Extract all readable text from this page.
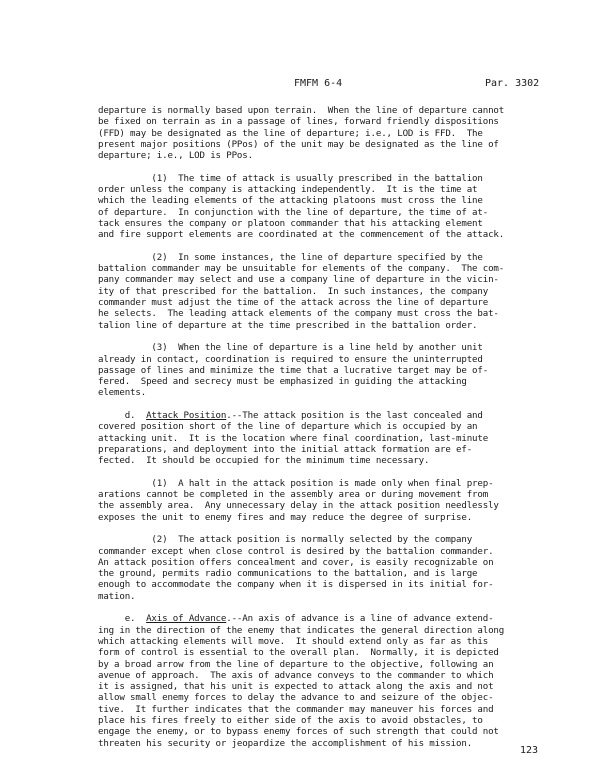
FMFM 6-4	Par. 3302
departure is normally based upon terrain.  When the line of departure cannot
be fixed on terrain as in a passage of lines, forward friendly dispositions
(FFD) may be designated as the line of departure; i.e., LOD is FFD.  The
present major positions (PPos) of the unit may be designated as the line of
departure; i.e., LOD is PPos.
(1)  The time of attack is usually prescribed in the battalion
order unless the company is attacking independently.  It is the time at
which the leading elements of the attacking platoons must cross the line
of departure.  In conjunction with the line of departure, the time of at-
tack ensures the company or platoon commander that his attacking element
and fire support elements are coordinated at the commencement of the attack.
(2)  In some instances, the line of departure specified by the
battalion commander may be unsuitable for elements of the company.  The com-
pany commander may select and use a company line of departure in the vicin-
ity of that prescribed for the battalion.  In such instances, the company
commander must adjust the time of the attack across the line of departure
he selects.  The leading attack elements of the company must cross the bat-
talion line of departure at the time prescribed in the battalion order.
(3)  When the line of departure is a line held by another unit
already in contact, coordination is required to ensure the uninterrupted
passage of lines and minimize the time that a lucrative target may be of-
fered.  Speed and secrecy must be emphasized in guiding the attacking
elements.
d.  Attack Position.--The attack position is the last concealed and
covered position short of the line of departure which is occupied by an
attacking unit.  It is the location where final coordination, last-minute
preparations, and deployment into the initial attack formation are ef-
fected.  It should be occupied for the minimum time necessary.
(1)  A halt in the attack position is made only when final prep-
arations cannot be completed in the assembly area or during movement from
the assembly area.  Any unnecessary delay in the attack position needlessly
exposes the unit to enemy fires and may reduce the degree of surprise.
(2)  The attack position is normally selected by the company
commander except when close control is desired by the battalion commander.
An attack position offers concealment and cover, is easily recognizable on
the ground, permits radio communications to the battalion, and is large
enough to accommodate the company when it is dispersed in its initial for-
mation.
e.  Axis of Advance.--An axis of advance is a line of advance extend-
ing in the direction of the enemy that indicates the general direction along
which attacking elements will move.  It should extend only as far as this
form of control is essential to the overall plan.  Normally, it is depicted
by a broad arrow from the line of departure to the objective, following an
avenue of approach.  The axis of advance conveys to the commander to which
it is assigned, that his unit is expected to attack along the axis and not
allow small enemy forces to delay the advance to and seizure of the objec-
tive.  It further indicates that the commander may maneuver his forces and
place his fires freely to either side of the axis to avoid obstacles, to
engage the enemy, or to bypass enemy forces of such strength that could not
threaten his security or jeopardize the accomplishment of his mission.
123
